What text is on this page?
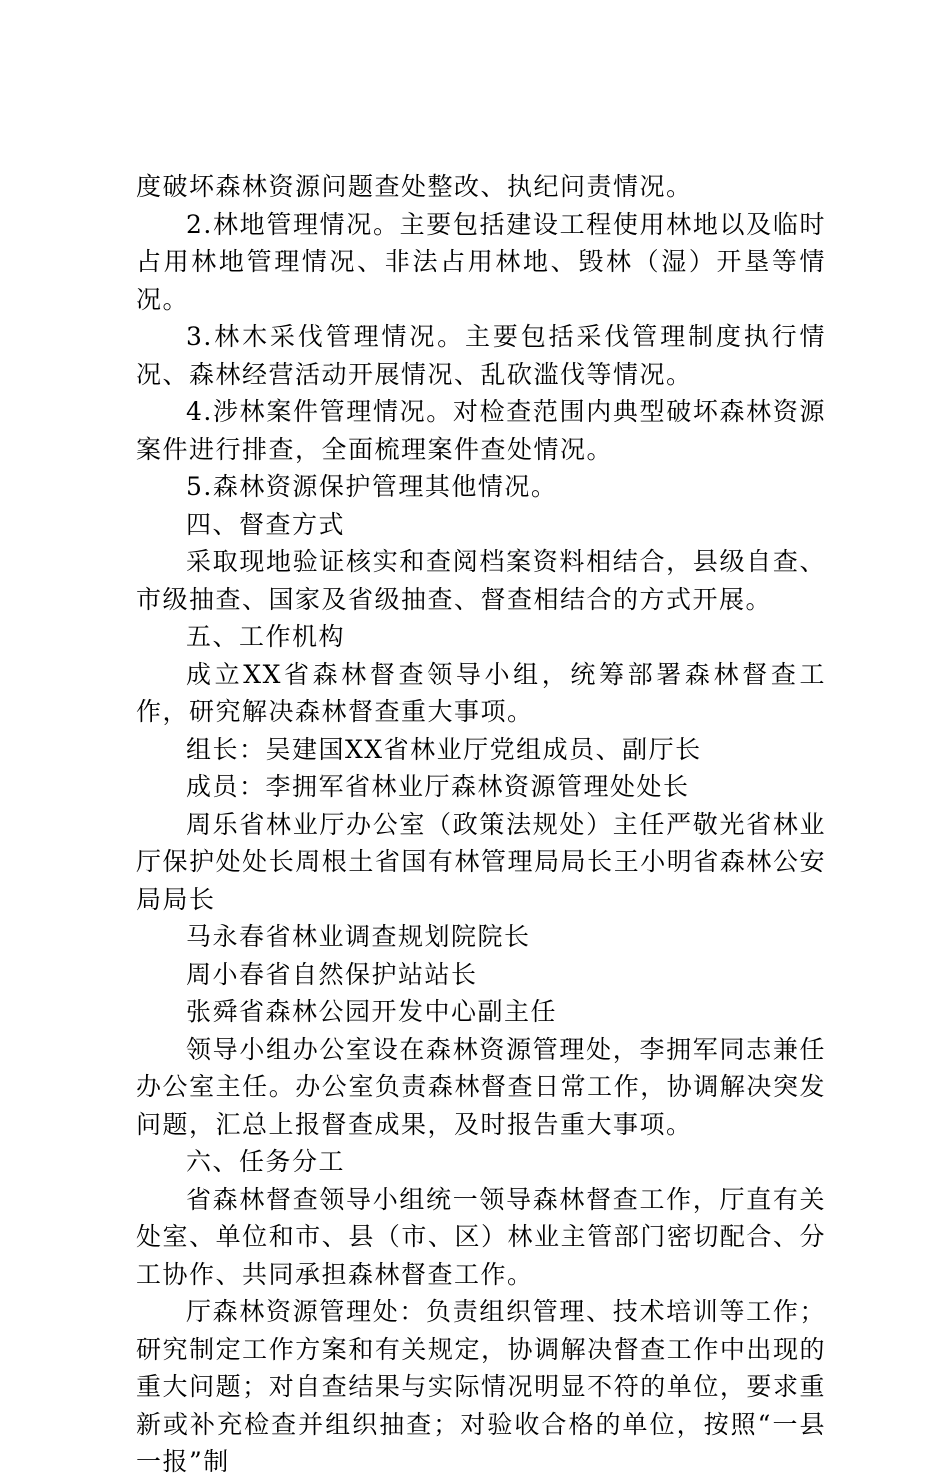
度破坏森林资源问题查处整改、执纪问责情况。

2.林地管理情况。主要包括建设工程使用林地以及临时占用林地管理情况、非法占用林地、毁林（湿）开垦等情况。

3.林木采伐管理情况。主要包括采伐管理制度执行情况、森林经营活动开展情况、乱砍滥伐等情况。

4.涉林案件管理情况。对检查范围内典型破坏森林资源案件进行排查，全面梳理案件查处情况。

5.森林资源保护管理其他情况。

四、督查方式

采取现地验证核实和查阅档案资料相结合，县级自查、市级抽查、国家及省级抽查、督查相结合的方式开展。

五、工作机构

成立XX省森林督查领导小组，统筹部署森林督查工作，研究解决森林督查重大事项。

组长：吴建国XX省林业厅党组成员、副厅长

成员：李拥军省林业厅森林资源管理处处长

周乐省林业厅办公室（政策法规处）主任严敬光省林业厅保护处处长周根土省国有林管理局局长王小明省森林公安局局长

马永春省林业调查规划院院长

周小春省自然保护站站长

张舜省森林公园开发中心副主任

领导小组办公室设在森林资源管理处，李拥军同志兼任办公室主任。办公室负责森林督查日常工作，协调解决突发问题，汇总上报督查成果，及时报告重大事项。

六、任务分工

省森林督查领导小组统一领导森林督查工作，厅直有关处室、单位和市、县（市、区）林业主管部门密切配合、分工协作、共同承担森林督查工作。

厅森林资源管理处：负责组织管理、技术培训等工作；研究制定工作方案和有关规定，协调解决督查工作中出现的重大问题；对自查结果与实际情况明显不符的单位，要求重新或补充检查并组织抽查；对验收合格的单位，按照“一县一报”制
